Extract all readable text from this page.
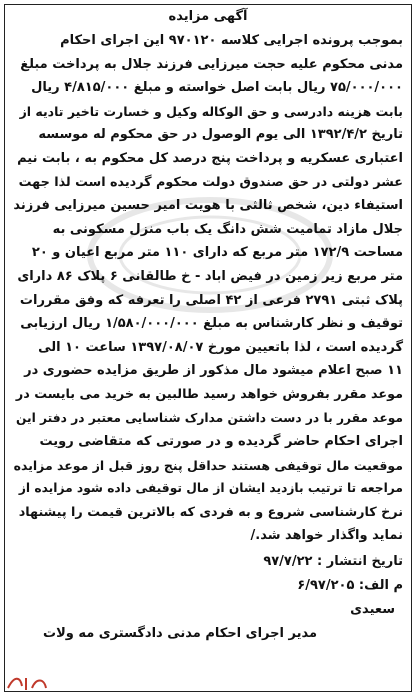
آگهی مزایده
بموجب پرونده اجرایی کلاسه ۹۷۰۱۲۰ این اجرای احکام
مدنی محکوم علیه حجت میرزایی فرزند جلال به پرداخت مبلغ
۷۵/۰۰۰/۰۰۰ ریال بابت اصل خواسته و مبلغ ۴/۸۱۵/۰۰۰ ریال
بابت هزینه دادرسی و حق الوکاله وکیل و خسارت تاخیر تادیه از
تاریخ ۱۳۹۲/۴/۲ الی یوم الوصول در حق محکوم له موسسه
اعتباری عسکریه و پرداخت پنج درصد کل محکوم به ، بابت نیم
عشر دولتی در حق صندوق دولت محکوم گردیده است لذا جهت
استیفاء دین، شخص ثالثی با هویت امیر حسین میرزایی فرزند
جلال مازاد تمامیت شش دانگ یک باب منزل مسکونی به
مساحت ۱۷۲/۹ متر مربع که دارای ۱۱۰ متر مربع اعیان و ۲۰
متر مربع زیر زمین در فیض اباد - خ طالقانی ۶ پلاک ۸۶ دارای
پلاک ثبتی ۲۷۹۱ فرعی از ۴۲ اصلی را تعرفه که وفق مقررات
توقیف و نظر کارشناس به مبلغ ۱/۵۸۰/۰۰۰/۰۰۰ ریال ارزیابی
گردیده است ، لذا باتعیین مورخ ۱۳۹۷/۰۸/۰۷ ساعت ۱۰ الی
۱۱ صبح اعلام میشود مال مذکور از طریق مزایده حضوری در
موعد مقرر بفروش خواهد رسید طالبین به خرید می بایست در
موعد مقرر با در دست داشتن مدارک شناسایی معتبر در دفتر این
اجرای احکام حاضر گردیده و در صورتی که متقاضی رویت
موقعیت مال توقیفی هستند حداقل پنج روز قبل از موعد مزایده
مراجعه تا ترتیب بازدید ایشان از مال توقیفی داده شود مزایده از
نرخ کارشناسی شروع و به فردی که بالاترین قیمت را پیشنهاد
نماید واگذار خواهد شد./
تاریخ انتشار : ۹۷/۷/۲۲
م الف: ۶/۹۷/۲۰۵
سعیدی
مدیر اجرای احکام مدنی دادگستری مه ولات
